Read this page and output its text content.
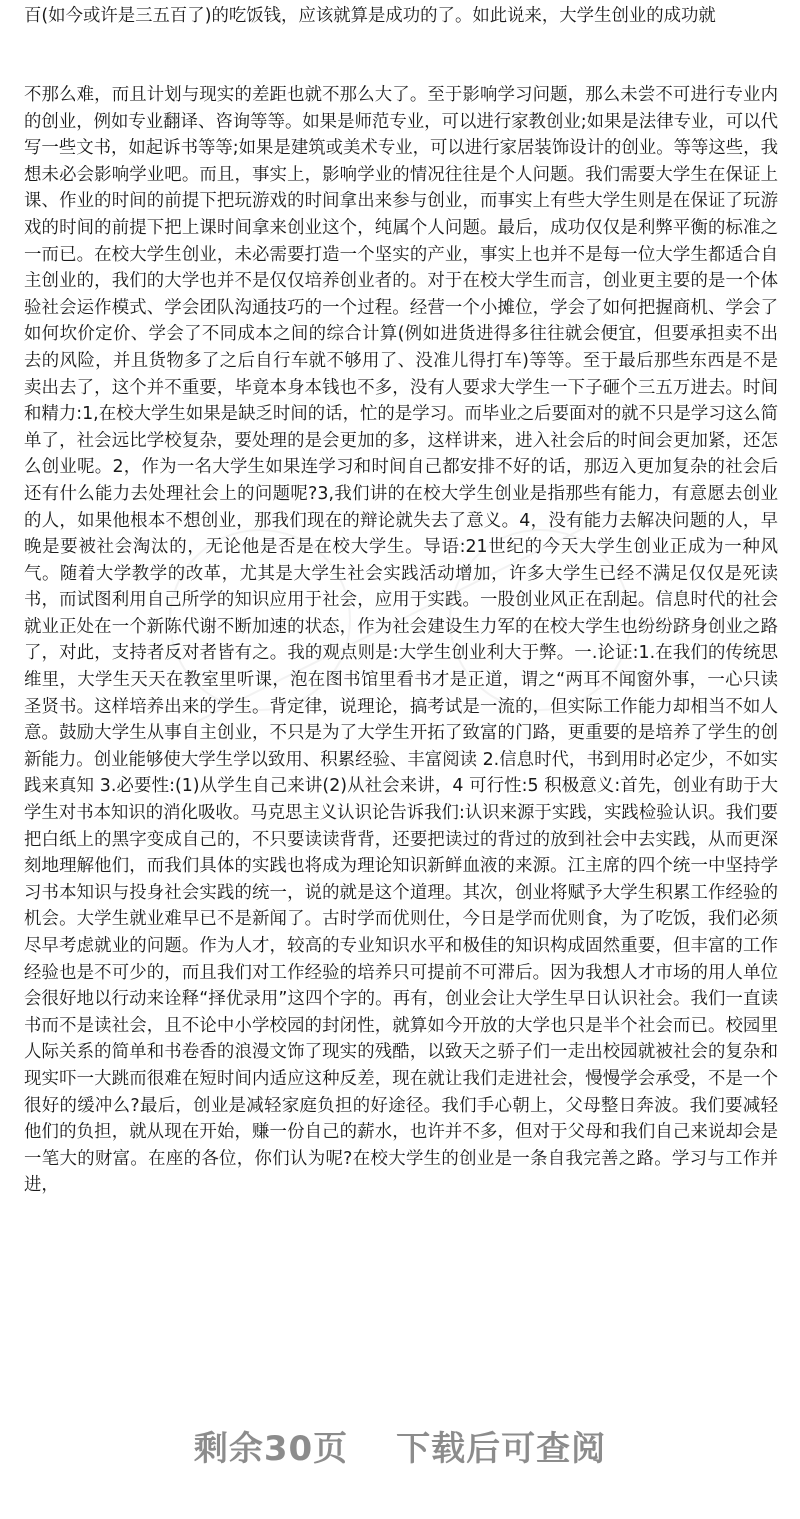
百(如今或许是三五百了)的吃饭钱，应该就算是成功的了。如此说来，大学生创业的成功就

不那么难，而且计划与现实的差距也就不那么大了。至于影响学习问题，那么未尝不可进行专业内的创业，例如专业翻译、咨询等等。如果是师范专业，可以进行家教创业;如果是法律专业，可以代写一些文书，如起诉书等等;如果是建筑或美术专业，可以进行家居装饰设计的创业。等等这些，我想未必会影响学业吧。而且，事实上，影响学业的情况往往是个人问题。我们需要大学生在保证上课、作业的时间的前提下把玩游戏的时间拿出来参与创业，而事实上有些大学生则是在保证了玩游戏的时间的前提下把上课时间拿来创业这个，纯属个人问题。最后，成功仅仅是利弊平衡的标准之一而已。在校大学生创业，未必需要打造一个坚实的产业，事实上也并不是每一位大学生都适合自主创业的，我们的大学也并不是仅仅培养创业者的。对于在校大学生而言，创业更主要的是一个体验社会运作模式、学会团队沟通技巧的一个过程。经营一个小摊位，学会了如何把握商机、学会了如何坎价定价、学会了不同成本之间的综合计算(例如进货进得多往往就会便宜，但要承担卖不出去的风险，并且货物多了之后自行车就不够用了、没准儿得打车)等等。至于最后那些东西是不是卖出去了，这个并不重要，毕竟本身本钱也不多，没有人要求大学生一下子砸个三五万进去。时间和精力:1,在校大学生如果是缺乏时间的话，忙的是学习。而毕业之后要面对的就不只是学习这么简单了，社会远比学校复杂，要处理的是会更加的多，这样讲来，进入社会后的时间会更加紧，还怎么创业呢。2，作为一名大学生如果连学习和时间自己都安排不好的话，那迈入更加复杂的社会后还有什么能力去处理社会上的问题呢?3,我们讲的在校大学生创业是指那些有能力，有意愿去创业的人，如果他根本不想创业，那我们现在的辩论就失去了意义。4，没有能力去解决问题的人，早晚是要被社会淘汰的，无论他是否是在校大学生。导语:21世纪的今天大学生创业正成为一种风气。随着大学教学的改革，尤其是大学生社会实践活动增加，许多大学生已经不满足仅仅是死读书，而试图利用自己所学的知识应用于社会，应用于实践。一股创业风正在刮起。信息时代的社会就业正处在一个新陈代谢不断加速的状态，作为社会建设生力军的在校大学生也纷纷跻身创业之路了，对此，支持者反对者皆有之。我的观点则是:大学生创业利大于弊。一.论证:1.在我们的传统思维里，大学生天天在教室里听课，泡在图书馆里看书才是正道，谓之“两耳不闻窗外事，一心只读圣贤书。这样培养出来的学生。背定律，说理论，搞考试是一流的，但实际工作能力却相当不如人意。鼓励大学生从事自主创业，不只是为了大学生开拓了致富的门路，更重要的是培养了学生的创新能力。创业能够使大学生学以致用、积累经验、丰富阅读 2.信息时代，书到用时必定少，不如实践来真知 3.必要性:(1)从学生自己来讲(2)从社会来讲，4 可行性:5 积极意义:首先，创业有助于大学生对书本知识的消化吸收。马克思主义认识论告诉我们:认识来源于实践，实践检验认识。我们要把白纸上的黑字变成自己的，不只要读读背背，还要把读过的背过的放到社会中去实践，从而更深刻地理解他们，而我们具体的实践也将成为理论知识新鲜血液的来源。江主席的四个统一中坚持学习书本知识与投身社会实践的统一，说的就是这个道理。其次，创业将赋予大学生积累工作经验的机会。大学生就业难早已不是新闻了。古时学而优则仕，今日是学而优则食，为了吃饭，我们必须尽早考虑就业的问题。作为人才，较高的专业知识水平和极佳的知识构成固然重要，但丰富的工作经验也是不可少的，而且我们对工作经验的培养只可提前不可滞后。因为我想人才市场的用人单位会很好地以行动来诠释“择优录用”这四个字的。再有，创业会让大学生早日认识社会。我们一直读书而不是读社会，且不论中小学校园的封闭性，就算如今开放的大学也只是半个社会而已。校园里人际关系的简单和书卷香的浪漫文饰了现实的残酷，以致天之骄子们一走出校园就被社会的复杂和现实吓一大跳而很难在短时间内适应这种反差，现在就让我们走进社会，慢慢学会承受，不是一个很好的缓冲么?最后，创业是减轻家庭负担的好途径。我们手心朝上，父母整日奔波。我们要减轻他们的负担，就从现在开始，赚一份自己的薪水，也许并不多，但对于父母和我们自己来说却会是一笔大的财富。在座的各位，你们认为呢?在校大学生的创业是一条自我完善之路。学习与工作并进，

剩余30页 下载后可查阅
